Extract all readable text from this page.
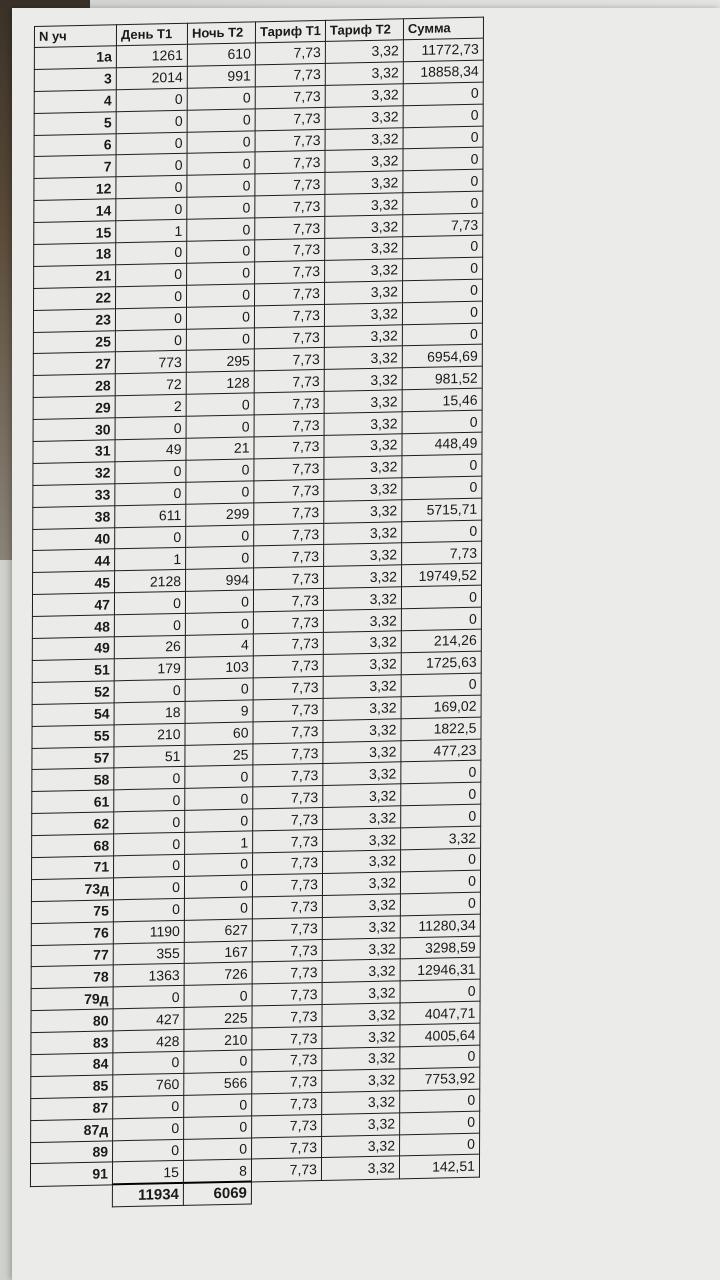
N уч	День Т1	Ночь Т2	Тариф Т1	Тариф Т2	Сумма
1а	1261	610	7,73	3,32	11772,73
3	2014	991	7,73	3,32	18858,34
4	0	0	7,73	3,32	0
5	0	0	7,73	3,32	0
6	0	0	7,73	3,32	0
7	0	0	7,73	3,32	0
12	0	0	7,73	3,32	0
14	0	0	7,73	3,32	0
15	1	0	7,73	3,32	7,73
18	0	0	7,73	3,32	0
21	0	0	7,73	3,32	0
22	0	0	7,73	3,32	0
23	0	0	7,73	3,32	0
25	0	0	7,73	3,32	0
27	773	295	7,73	3,32	6954,69
28	72	128	7,73	3,32	981,52
29	2	0	7,73	3,32	15,46
30	0	0	7,73	3,32	0
31	49	21	7,73	3,32	448,49
32	0	0	7,73	3,32	0
33	0	0	7,73	3,32	0
38	611	299	7,73	3,32	5715,71
40	0	0	7,73	3,32	0
44	1	0	7,73	3,32	7,73
45	2128	994	7,73	3,32	19749,52
47	0	0	7,73	3,32	0
48	0	0	7,73	3,32	0
49	26	4	7,73	3,32	214,26
51	179	103	7,73	3,32	1725,63
52	0	0	7,73	3,32	0
54	18	9	7,73	3,32	169,02
55	210	60	7,73	3,32	1822,5
57	51	25	7,73	3,32	477,23
58	0	0	7,73	3,32	0
61	0	0	7,73	3,32	0
62	0	0	7,73	3,32	0
68	0	1	7,73	3,32	3,32
71	0	0	7,73	3,32	0
73д	0	0	7,73	3,32	0
75	0	0	7,73	3,32	0
76	1190	627	7,73	3,32	11280,34
77	355	167	7,73	3,32	3298,59
78	1363	726	7,73	3,32	12946,31
79д	0	0	7,73	3,32	0
80	427	225	7,73	3,32	4047,71
83	428	210	7,73	3,32	4005,64
84	0	0	7,73	3,32	0
85	760	566	7,73	3,32	7753,92
87	0	0	7,73	3,32	0
87д	0	0	7,73	3,32	0
89	0	0	7,73	3,32	0
91	15	8	7,73	3,32	142,51
	11934	6069			
